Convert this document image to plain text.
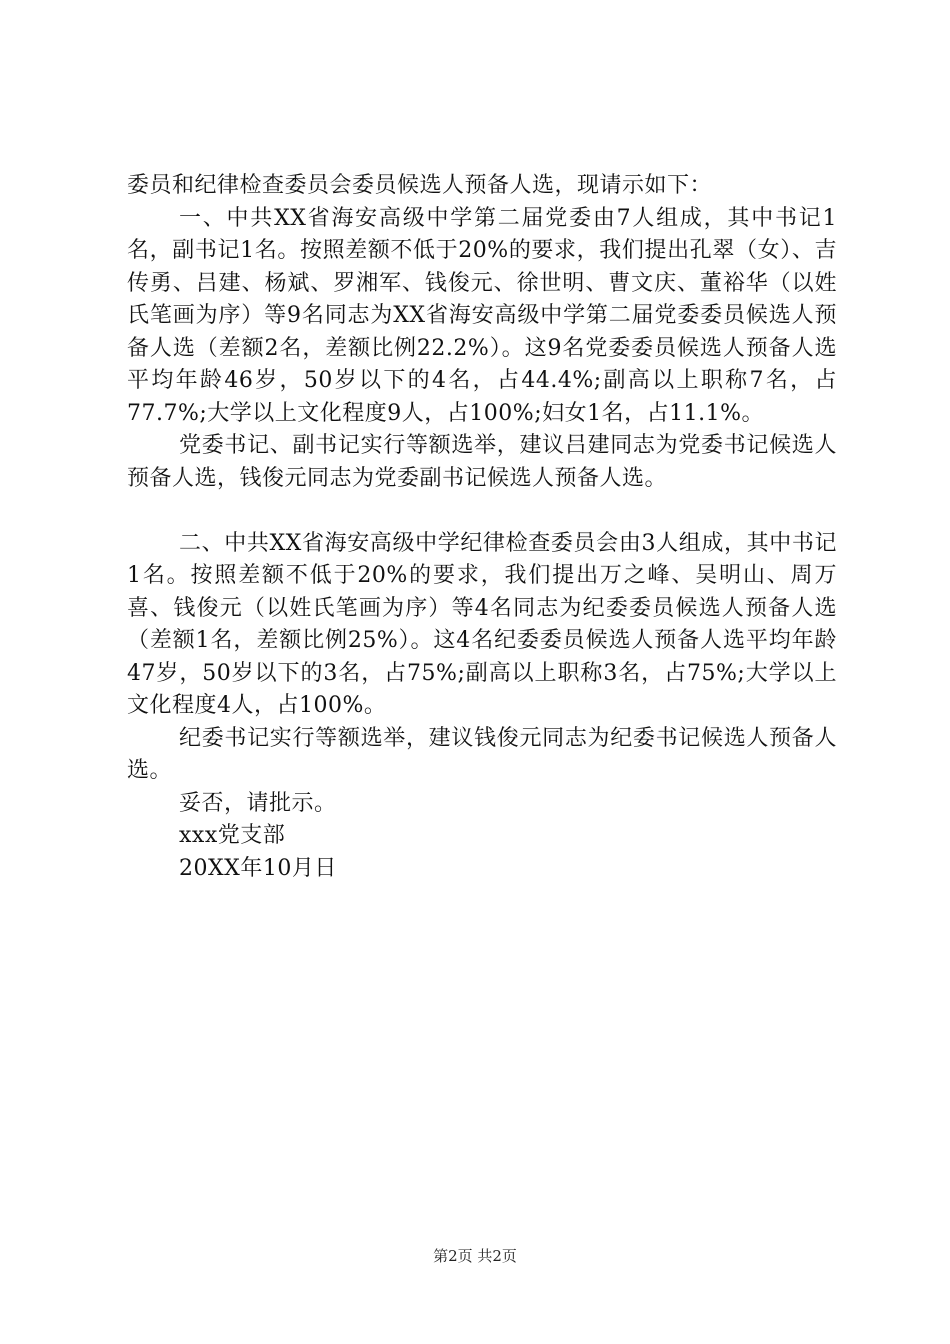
委员和纪律检查委员会委员候选人预备人选，现请示如下：

一、中共XX省海安高级中学第二届党委由7人组成，其中书记1名，副书记1名。按照差额不低于20%的要求，我们提出孔翠（女）、吉传勇、吕建、杨斌、罗湘军、钱俊元、徐世明、曹文庆、董裕华（以姓氏笔画为序）等9名同志为XX省海安高级中学第二届党委委员候选人预备人选（差额2名，差额比例22.2%）。这9名党委委员候选人预备人选平均年龄46岁，50岁以下的4名，占44.4%;副高以上职称7名，占77.7%;大学以上文化程度9人，占100%;妇女1名，占11.1%。

党委书记、副书记实行等额选举，建议吕建同志为党委书记候选人预备人选，钱俊元同志为党委副书记候选人预备人选。

二、中共XX省海安高级中学纪律检查委员会由3人组成，其中书记1名。按照差额不低于20%的要求，我们提出万之峰、吴明山、周万喜、钱俊元（以姓氏笔画为序）等4名同志为纪委委员候选人预备人选（差额1名，差额比例25%）。这4名纪委委员候选人预备人选平均年龄47岁，50岁以下的3名，占75%;副高以上职称3名，占75%;大学以上文化程度4人，占100%。

纪委书记实行等额选举，建议钱俊元同志为纪委书记候选人预备人选。

妥否，请批示。

xxx党支部

20XX年10月日

第2页 共2页
